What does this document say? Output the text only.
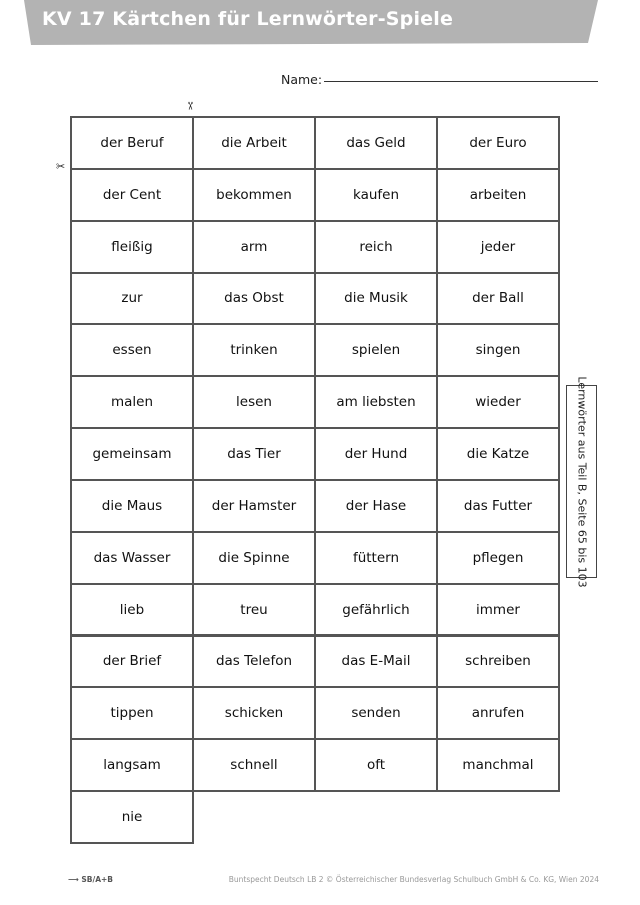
KV 17 Kärtchen für Lernwörter-Spiele
Name:
✂
✂
der Beruf	die Arbeit	das Geld	der Euro
der Cent	bekommen	kaufen	arbeiten
fleißig	arm	reich	jeder
zur	das Obst	die Musik	der Ball
essen	trinken	spielen	singen
malen	lesen	am liebsten	wieder
gemeinsam	das Tier	der Hund	die Katze
die Maus	der Hamster	der Hase	das Futter
das Wasser	die Spinne	füttern	pflegen
lieb	treu	gefährlich	immer
der Brief	das Telefon	das E-Mail	schreiben
tippen	schicken	senden	anrufen
langsam	schnell	oft	manchmal
nie
Lernwörter aus Teil B, Seite 65 bis 103
⟶ SB/A+B	Buntspecht Deutsch LB 2 © Österreichischer Bundesverlag Schulbuch GmbH & Co. KG, Wien 2024
